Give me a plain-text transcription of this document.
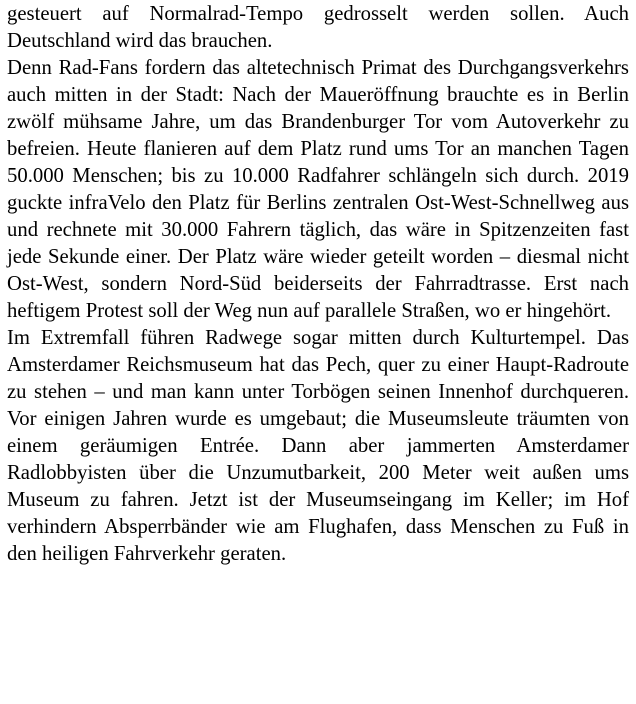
gesteuert auf Normalrad-Tempo gedrosselt werden sollen. Auch Deutschland wird das brauchen.

Denn Rad-Fans fordern das altetechnisch Primat des Durchgangsverkehrs auch mitten in der Stadt: Nach der Maueröffnung brauchte es in Berlin zwölf mühsame Jahre, um das Brandenburger Tor vom Autoverkehr zu befreien. Heute flanieren auf dem Platz rund ums Tor an manchen Tagen 50.000 Menschen; bis zu 10.000 Radfahrer schlängeln sich durch. 2019 guckte infraVelo den Platz für Berlins zentralen Ost-West-Schnellweg aus und rechnete mit 30.000 Fahrern täglich, das wäre in Spitzenzeiten fast jede Sekunde einer. Der Platz wäre wieder geteilt worden – diesmal nicht Ost-West, sondern Nord-Süd beiderseits der Fahrradtrasse. Erst nach heftigem Protest soll der Weg nun auf parallele Straßen, wo er hingehört.

Im Extremfall führen Radwege sogar mitten durch Kulturtempel. Das Amsterdamer Reichsmuseum hat das Pech, quer zu einer Haupt-Radroute zu stehen – und man kann unter Torbögen seinen Innenhof durchqueren. Vor einigen Jahren wurde es umgebaut; die Museumsleute träumten von einem geräumigen Entrée. Dann aber jammerten Amsterdamer Radlobbyisten über die Unzumutbarkeit, 200 Meter weit außen ums Museum zu fahren. Jetzt ist der Museumseingang im Keller; im Hof verhindern Absperrbänder wie am Flughafen, dass Menschen zu Fuß in den heiligen Fahrverkehr geraten.
